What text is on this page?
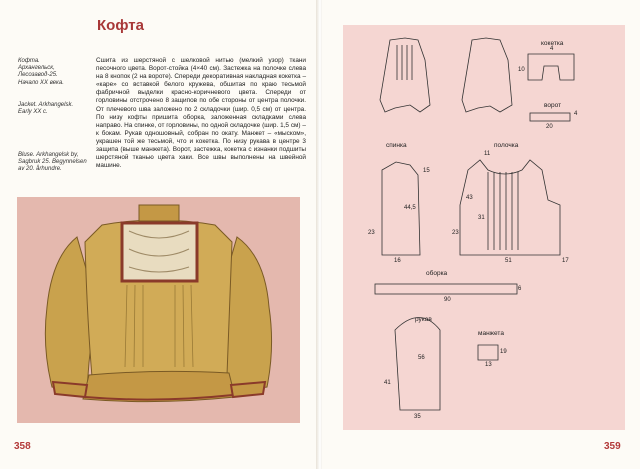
Кофта
Кофта.
Архангельск,
Лесозавод-25.
Начало XX века.
Jacket. Arkhangelsk.
Early XX c.
Bluse. Arkhangelsk by,
Sagbruk 25. Begynnelsen
av 20. århundre.
Сшита из шерстяной с шелковой нитью (мелкий узор) ткани песочного цвета. Ворот-стойка (4×40 см). Застежка на полочке слева на 8 кнопок (2 на вороте). Спереди декоративная накладная кокетка – «каре» со вставкой белого кружева, обшитая по краю тесьмой фабричной выделки красно-коричневого цвета. Спереди от горловины отстрочено 8 защипов по обе стороны от центра полочки. От плечевого шва заложено по 2 складочки (шир. 0,5 см) от центра. По низу кофты пришита оборка, заложенная складками слева направо. На спинке, от горловины, по одной складочке (шир. 1,5 см) – к бокам. Рукав одношовный, собран по окату. Манжет – «мыском», украшен той же тесьмой, что и кокетка. По низу рукава в центре 3 защипа (выше манжета). Ворот, застежка, кокетка с изнанки подшиты шерстяной тканью цвета хаки. Все швы выполнены на швейной машине.
358
кокетка
ворот
спинка	полочка
оборка
рукав
манжета
4
10
4
20
15
44,5
23
16
11
43
31
23
51	17
6
90
56
41
35
19
13
359
